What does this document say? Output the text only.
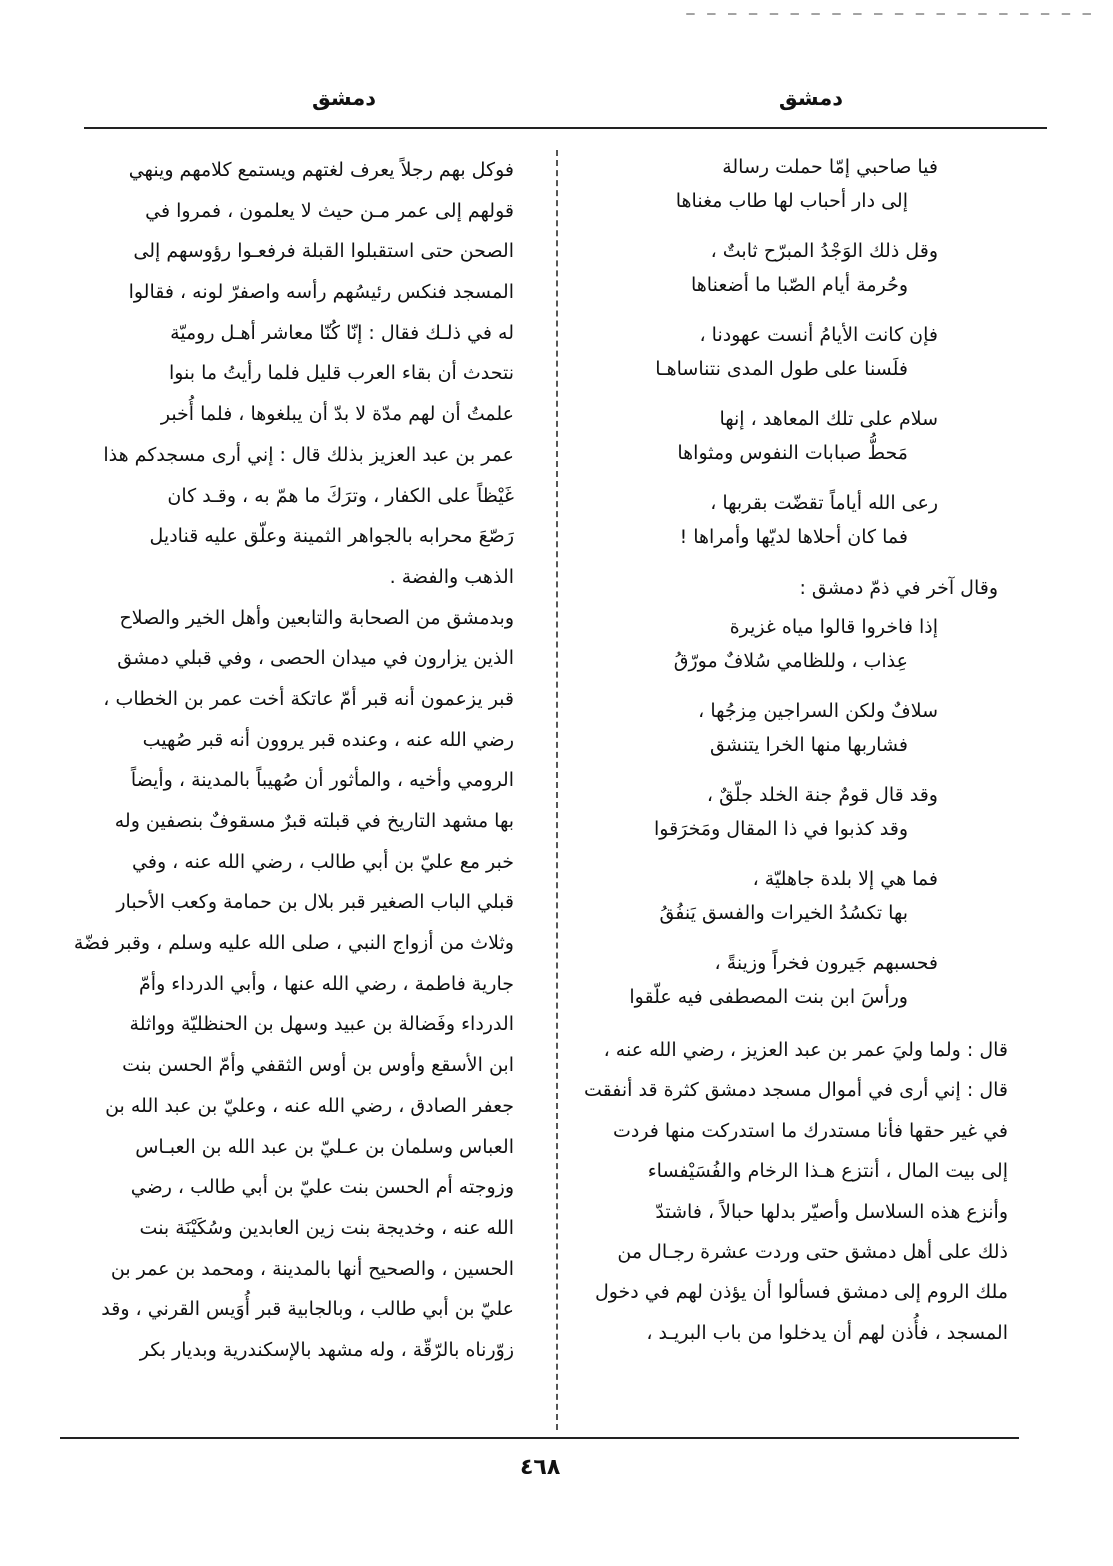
– – – – – – – – – – – – – – – – – – – –
دمشق
دمشق
فيا صاحبي إمّا حملت رسالة
إلى دار أحباب لها طاب مغناها
وقل ذلك الوَجْدُ المبرّح ثابتٌ ،
وحُرمة أيام الصّبا ما أضعناها
فإن كانت الأيامُ أنست عهودنا ،
فلَسنا على طول المدى نتناساهـا
سلام على تلك المعاهد ، إنها
مَحطُّ صبابات النفوس ومثواها
رعى الله أياماً تقضّت بقربها ،
فما كان أحلاها لديّها وأمراها !
وقال آخر في ذمّ دمشق :
إذا فاخروا قالوا مياه غزيرة
عِذاب ، وللظامي سُلافٌ مورّقُ
سلافٌ ولكن السراجين مِزجُها ،
فشاربها منها الخرا يتنشق
وقد قال قومٌ جنة الخلد جلّقٌ ،
وقد كذبوا في ذا المقال ومَخرَقوا
فما هي إلا بلدة جاهليّة ،
بها تكسُدُ الخيرات والفسق يَنفُقُ
فحسبهم جَيرون فخراً وزينةً ،
ورأسَ ابن بنت المصطفى فيه علّقوا
قال : ولما وليَ عمر بن عبد العزيز ، رضي الله عنه ،
قال : إني أرى في أموال مسجد دمشق كثرة قد أنفقت
في غير حقها فأنا مستدرك ما استدركت منها فردت
إلى بيت المال ، أنتزع هـذا الرخام والفُسَيْفساء
وأنزع هذه السلاسل وأصيّر بدلها حبالاً ، فاشتدّ
ذلك على أهل دمشق حتى وردت عشرة رجـال من
ملك الروم إلى دمشق فسألوا أن يؤذن لهم في دخول
المسجد ، فأُذن لهم أن يدخلوا من باب البريـد ،
فوكل بهم رجلاً يعرف لغتهم ويستمع كلامهم وينهي
قولهم إلى عمر مـن حيث لا يعلمون ، فمروا في
الصحن حتى استقبلوا القبلة فرفعـوا رؤوسهم إلى
المسجد فنكس رئيسُهم رأسه واصفرّ لونه ، فقالوا
له في ذلـك فقال : إنّا كُنّا معاشر أهـل روميّة
نتحدث أن بقاء العرب قليل فلما رأيتُ ما بنوا
علمتُ أن لهم مدّة لا بدّ أن يبلغوها ، فلما أُخبر
عمر بن عبد العزيز بذلك قال : إني أرى مسجدكم هذا
غَيْظاً على الكفار ، وترَكَ ما همّ به ، وقـد كان
رَصّعَ محرابه بالجواهر الثمينة وعلّق عليه قناديل
الذهب والفضة .
وبدمشق من الصحابة والتابعين وأهل الخير والصلاح
الذين يزارون في ميدان الحصى ، وفي قبلي دمشق
قبر يزعمون أنه قبر أمّ عاتكة أخت عمر بن الخطاب ،
رضي الله عنه ، وعنده قبر يروون أنه قبر صُهيب
الرومي وأخيه ، والمأثور أن صُهيباً بالمدينة ، وأيضاً
بها مشهد التاريخ في قبلته قبرٌ مسقوفٌ بنصفين وله
خبر مع عليّ بن أبي طالب ، رضي الله عنه ، وفي
قبلي الباب الصغير قبر بلال بن حمامة وكعب الأحبار
وثلاث من أزواج النبي ، صلى الله عليه وسلم ، وقبر فضّة
جارية فاطمة ، رضي الله عنها ، وأبي الدرداء وأمّ
الدرداء وفَضالة بن عبيد وسهل بن الحنظليّة وواثلة
ابن الأسقع وأوس بن أوس الثقفي وأمّ الحسن بنت
جعفر الصادق ، رضي الله عنه ، وعليّ بن عبد الله بن
العباس وسلمان بن عـليّ بن عبد الله بن العبـاس
وزوجته أم الحسن بنت عليّ بن أبي طالب ، رضي
الله عنه ، وخديجة بنت زين العابدين وسُكَيْنَة بنت
الحسين ، والصحيح أنها بالمدينة ، ومحمد بن عمر بن
عليّ بن أبي طالب ، وبالجابية قبر أُوَيس القرني ، وقد
زوّرناه بالرّقّة ، وله مشهد بالإسكندرية وبديار بكر
٤٦٨
